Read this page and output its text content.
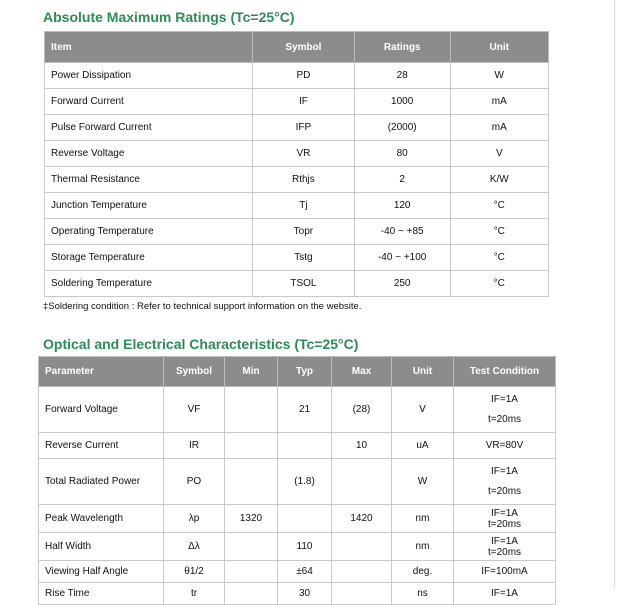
Absolute Maximum Ratings (Tc=25°C)
Item	Symbol	Ratings	Unit
Power Dissipation	PD	28	W
Forward Current	IF	1000	mA
Pulse Forward Current	IFP	(2000)	mA
Reverse Voltage	VR	80	V
Thermal Resistance	Rthjs	2	K/W
Junction Temperature	Tj	120	°C
Operating Temperature	Topr	-40 ~ +85	°C
Storage Temperature	Tstg	-40 ~ +100	°C
Soldering Temperature	TSOL	250	°C
‡Soldering condition : Refer to technical support information on the website.
Optical and Electrical Characteristics (Tc=25°C)
Parameter	Symbol	Min	Typ	Max	Unit	Test Condition
Forward Voltage	VF		21	(28)	V	IF=1A
t=20ms

Reverse Current	IR			10	uA	VR=80V
Total Radiated Power	PO		(1.8)		W	IF=1A
t=20ms

Peak Wavelength	λp	1320		1420	nm	IF=1A
t=20ms

Half Width	Δλ		110		nm	IF=1A
t=20ms

Viewing Half Angle	θ1/2		±64		deg.	IF=100mA
Rise Time	tr		30		ns	IF=1A
